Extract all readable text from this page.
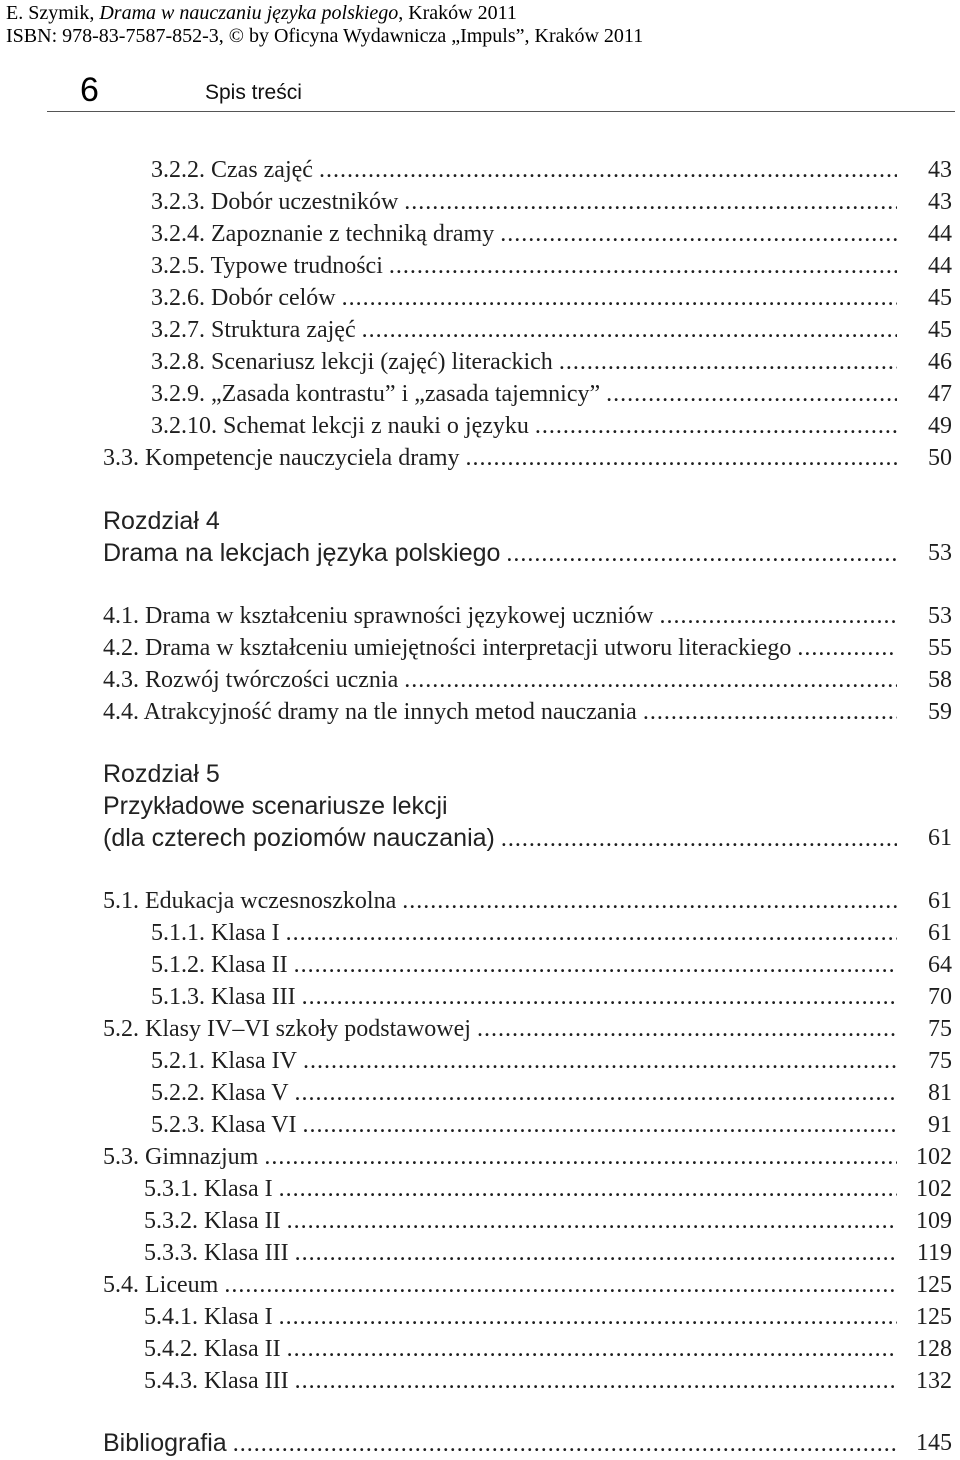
E. Szymik, Drama w nauczaniu języka polskiego, Kraków 2011
ISBN: 978-83-7587-852-3, © by Oficyna Wydawnicza „Impuls”, Kraków 2011
6	Spis treści
3.2.2. Czas zajęć .....	43
3.2.3. Dobór uczestników .....	43
3.2.4. Zapoznanie z techniką dramy .....	44
3.2.5. Typowe trudności .....	44
3.2.6. Dobór celów .....	45
3.2.7. Struktura zajęć .....	45
3.2.8. Scenariusz lekcji (zajęć) literackich .....	46
3.2.9. „Zasada kontrastu” i „zasada tajemnicy” .....	47
3.2.10. Schemat lekcji z nauki o języku .....	49
3.3. Kompetencje nauczyciela dramy .....	50
Rozdział 4
Drama na lekcjach języka polskiego .....	53
4.1. Drama w kształceniu sprawności językowej uczniów .....	53
4.2. Drama w kształceniu umiejętności interpretacji utworu literackiego .....	55
4.3. Rozwój twórczości ucznia .....	58
4.4. Atrakcyjność dramy na tle innych metod nauczania .....	59
Rozdział 5
Przykładowe scenariusze lekcji
(dla czterech poziomów nauczania) .....	61
5.1. Edukacja wczesnoszkolna .....	61
5.1.1. Klasa I .....	61
5.1.2. Klasa II .....	64
5.1.3. Klasa III .....	70
5.2. Klasy IV–VI szkoły podstawowej .....	75
5.2.1. Klasa IV .....	75
5.2.2. Klasa V .....	81
5.2.3. Klasa VI .....	91
5.3. Gimnazjum .....	102
5.3.1. Klasa I .....	102
5.3.2. Klasa II .....	109
5.3.3. Klasa III .....	119
5.4. Liceum .....	125
5.4.1. Klasa I .....	125
5.4.2. Klasa II .....	128
5.4.3. Klasa III .....	132
Bibliografia .....	145
